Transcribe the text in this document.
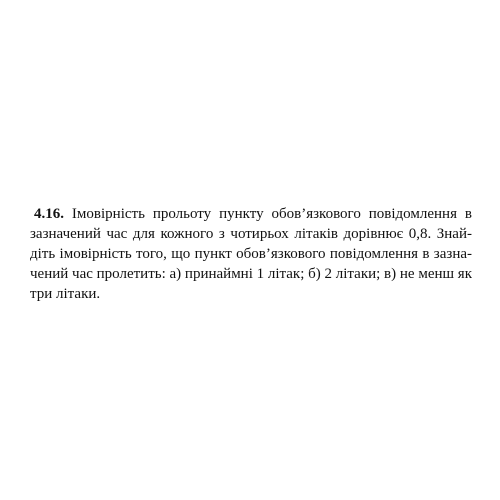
4.16. Імовірність прольоту пункту обов’язкового повідомлення в
зазначений час для кожного з чотирьох літаків дорівнює 0,8. Знай-
діть імовірність того, що пункт обов’язкового повідомлення в зазна-
чений час пролетить: а) принаймні 1 літак; б) 2 літаки; в) не менш як
три літаки.
